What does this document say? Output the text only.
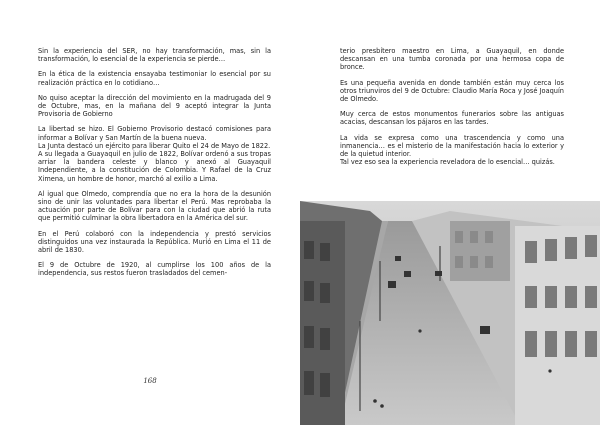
168

Sin la experiencia del SER, no hay transformación, mas, sin la transformación, lo esencial de la experiencia se pierde…

En la ética de la existencia ensayaba testimoniar lo esencial por su realización práctica en lo cotidiano…

No quiso aceptar la dirección del movimiento en la madrugada del 9 de Octubre, mas, en la mañana del 9 aceptó integrar la Junta Provisoria de Gobierno

La libertad se hizo. El Gobierno Provisorio destacó comisiones para informar a Bolívar y San Martín de la buena nueva.

La Junta destacó un ejército para liberar Quito el 24 de Mayo de 1822.

A su llegada a Guayaquil en julio de 1822, Bolívar ordenó a sus tropas arriar la bandera celeste y blanco y anexó al Guayaquil Independiente, a la constitución de Colombia. Y Rafael de la Cruz Ximena, un hombre de honor, marchó al exilio a Lima.

Al igual que Olmedo, comprendía que no era la hora de la desunión sino de unir las voluntades para libertar el Perú. Mas reprobaba la actuación por parte de Bolívar para con la ciudad que abrió la ruta que permitió culminar la obra libertadora en la América del sur.

En el Perú colaboró con la independencia y prestó servicios distinguidos una vez instaurada la República. Murió en Lima el 11 de abril de 1830.

El 9 de Octubre de 1920, al cumplirse los 100 años de la independencia, sus restos fueron trasladados del cemen-

terio presbítero maestro en Lima, a Guayaquil, en donde descansan en una tumba coronada por una hermosa copa de bronce.

Es una pequeña avenida en donde también están muy cerca los otros triunviros del 9 de Octubre: Claudio María Roca y José Joaquín de Olmedo.

Muy cerca de estos monumentos funerarios sobre las antiguas acacias, descansan los pájaros en las tardes.

La vida se expresa como una trascendencia y como una inmanencia… es el misterio de la manifestación hacia lo exterior y de la quietud interior.

Tal vez eso sea la experiencia reveladora de lo esencial… quizás.
